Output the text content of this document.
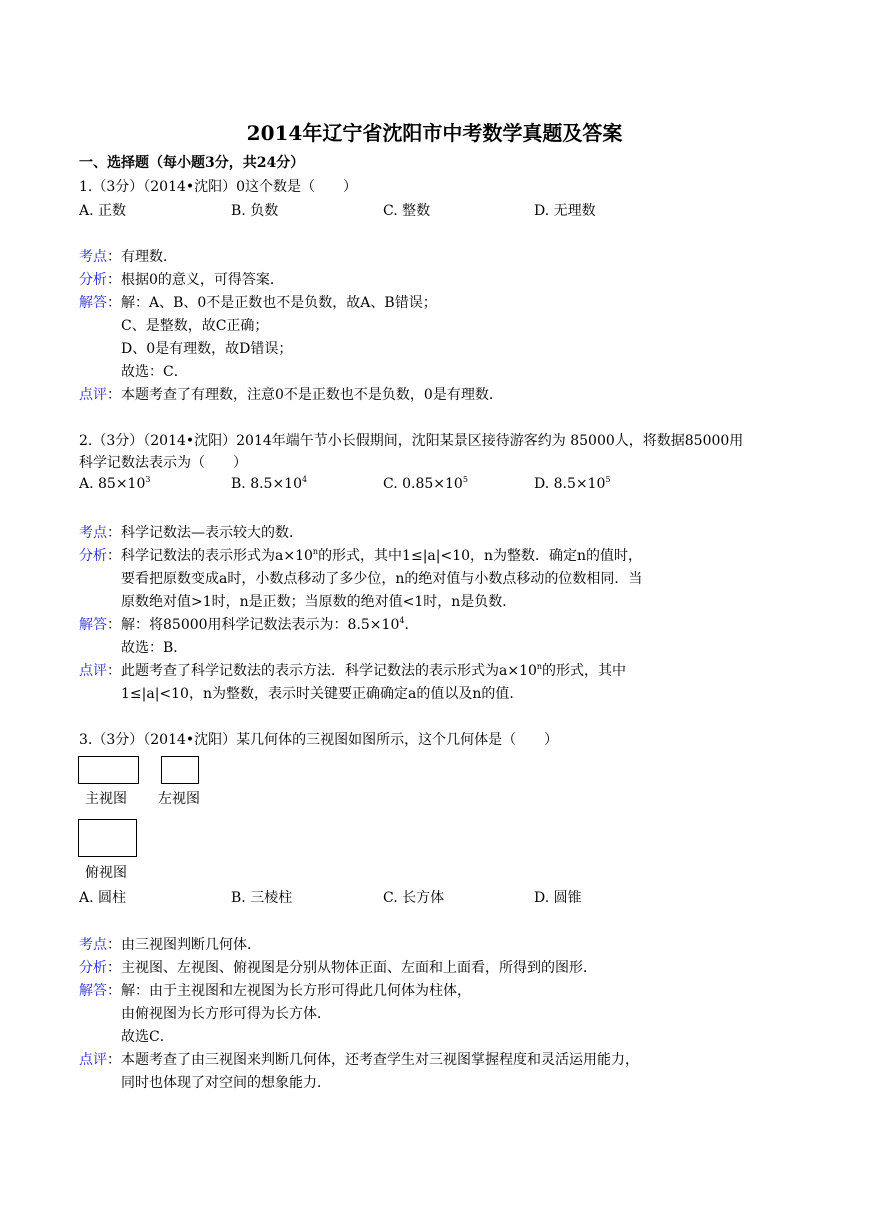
2014年辽宁省沈阳市中考数学真题及答案
一、选择题（每小题3分，共24分）
1.（3分）（2014•沈阳）0这个数是（　　）
A. 正数	B. 负数	C. 整数	D. 无理数
考点：有理数．
分析：根据0的意义，可得答案．
解答：解：A、B、0不是正数也不是负数，故A、B错误；
C、是整数，故C正确；
D、0是有理数，故D错误；
故选：C．
点评：本题考查了有理数，注意0不是正数也不是负数，0是有理数．
2.（3分）（2014•沈阳）2014年端午节小长假期间，沈阳某景区接待游客约为 85000人，将数据85000用
科学记数法表示为（　　）
A. $85\times 10^3$	B. $8.5\times 10^4$	C. $0.85\times 10^5$	D. $8.5\times 10^5$
考点：科学记数法—表示较大的数．
分析：科学记数法的表示形式为$a\times 10^n$的形式，其中1≤|a|<10，n为整数．确定n的值时，
要看把原数变成a时，小数点移动了多少位，n的绝对值与小数点移动的位数相同．当
原数绝对值>1时，n是正数；当原数的绝对值<1时，n是负数．
解答：解：将85000用科学记数法表示为：$8.5\times 10^4$．
故选：B．
点评：此题考查了科学记数法的表示方法．科学记数法的表示形式为$a\times 10^n$的形式，其中
1≤|a|<10，n为整数，表示时关键要正确确定a的值以及n的值．
3.（3分）（2014•沈阳）某几何体的三视图如图所示，这个几何体是（　　）
主视图 左视图
俯视图
A. 圆柱	B. 三棱柱	C. 长方体	D. 圆锥
考点：由三视图判断几何体．
分析：主视图、左视图、俯视图是分别从物体正面、左面和上面看，所得到的图形．
解答：解：由于主视图和左视图为长方形可得此几何体为柱体，
由俯视图为长方形可得为长方体．
故选C．
点评：本题考查了由三视图来判断几何体，还考查学生对三视图掌握程度和灵活运用能力，
同时也体现了对空间的想象能力．
